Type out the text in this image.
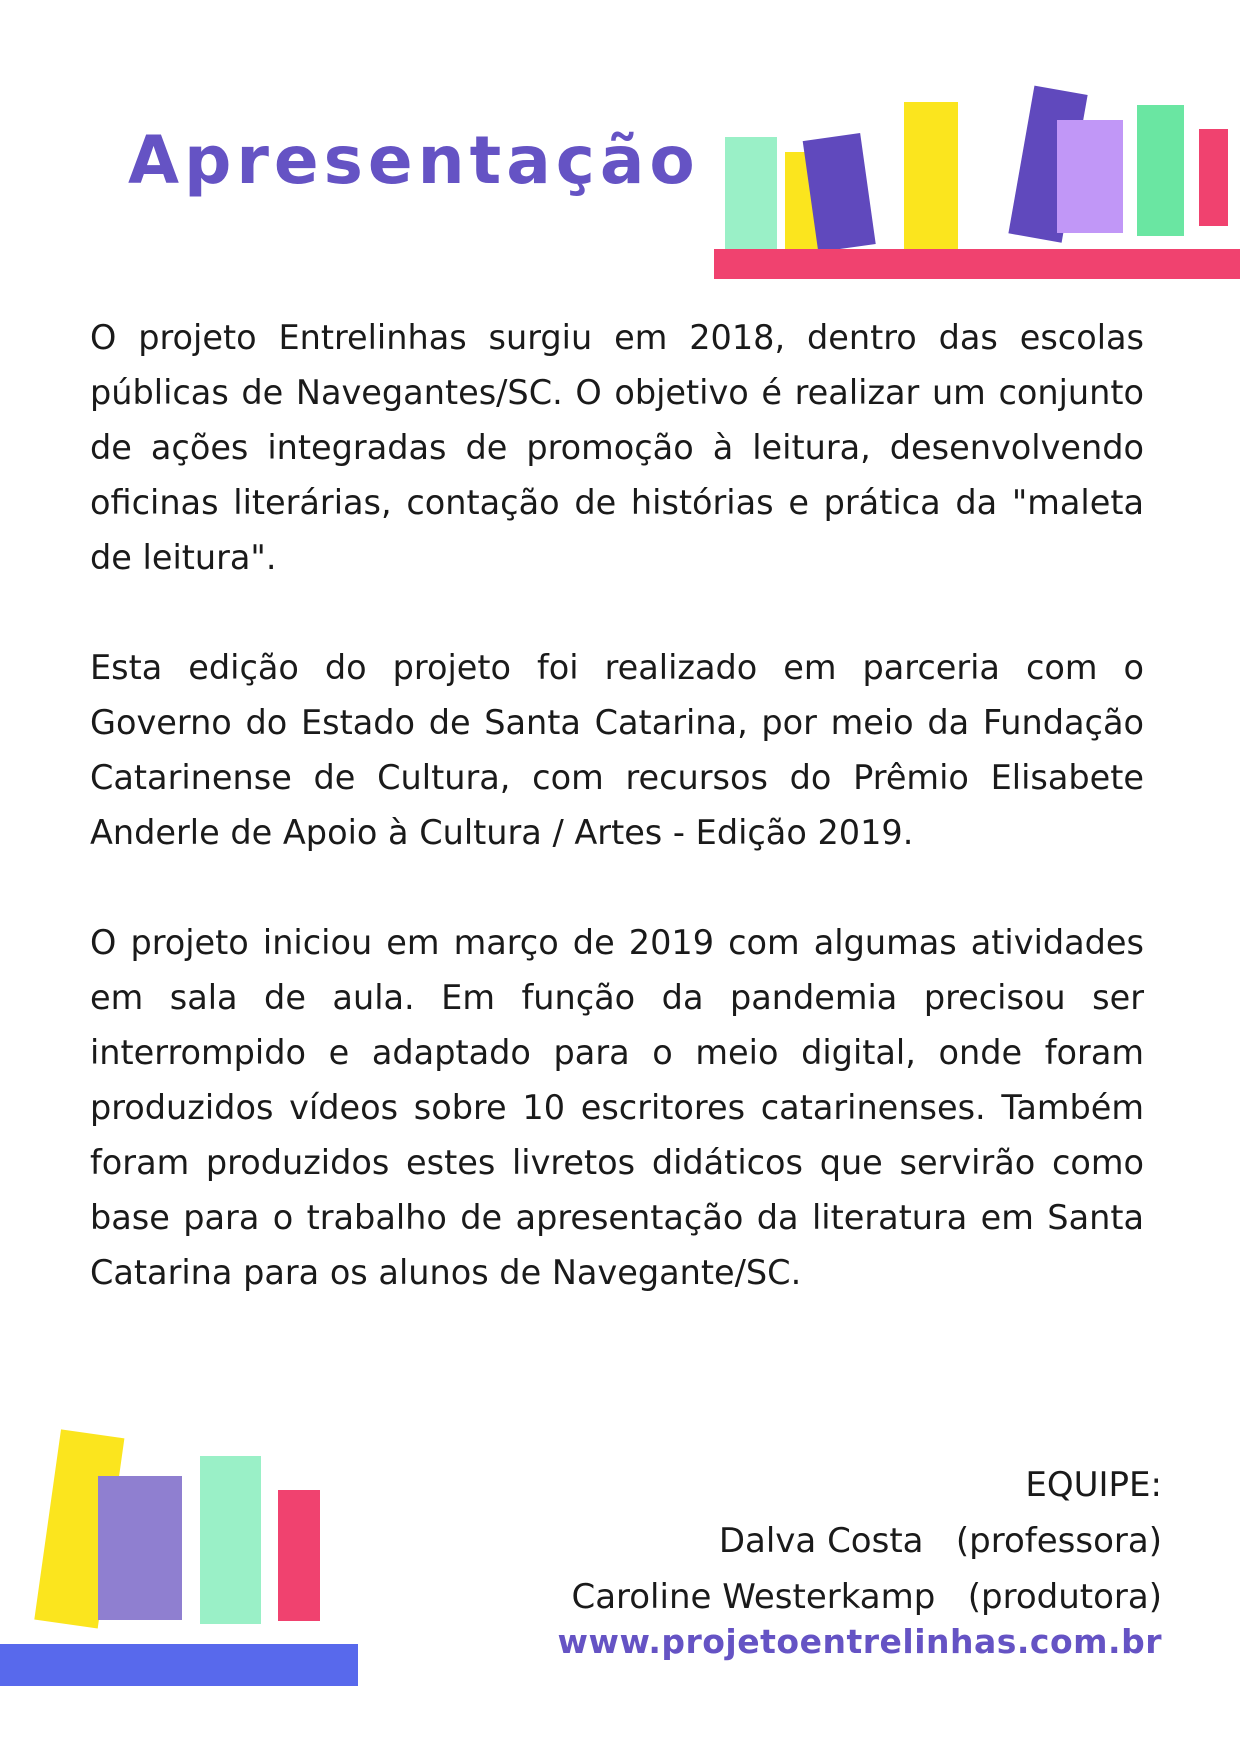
Apresentação

O projeto Entrelinhas surgiu em 2018, dentro das escolas públicas de Navegantes/SC. O objetivo é realizar um conjunto de ações integradas de promoção à leitura, desenvolvendo oficinas literárias, contação de histórias e prática da "maleta de leitura".

Esta edição do projeto foi realizado em parceria com o Governo do Estado de Santa Catarina, por meio da Fundação Catarinense de Cultura, com recursos do Prêmio Elisabete Anderle de Apoio à Cultura / Artes - Edição 2019.

O projeto iniciou em março de 2019 com algumas atividades em sala de aula. Em função da pandemia precisou ser interrompido e adaptado para o meio digital, onde foram produzidos vídeos sobre 10 escritores catarinenses. Também foram produzidos estes livretos didáticos que servirão como base para o trabalho de apresentação da literatura em Santa Catarina para os alunos de Navegante/SC.

EQUIPE:
Dalva Costa   (professora)
Caroline Westerkamp   (produtora)
www.projetoentrelinhas.com.br
